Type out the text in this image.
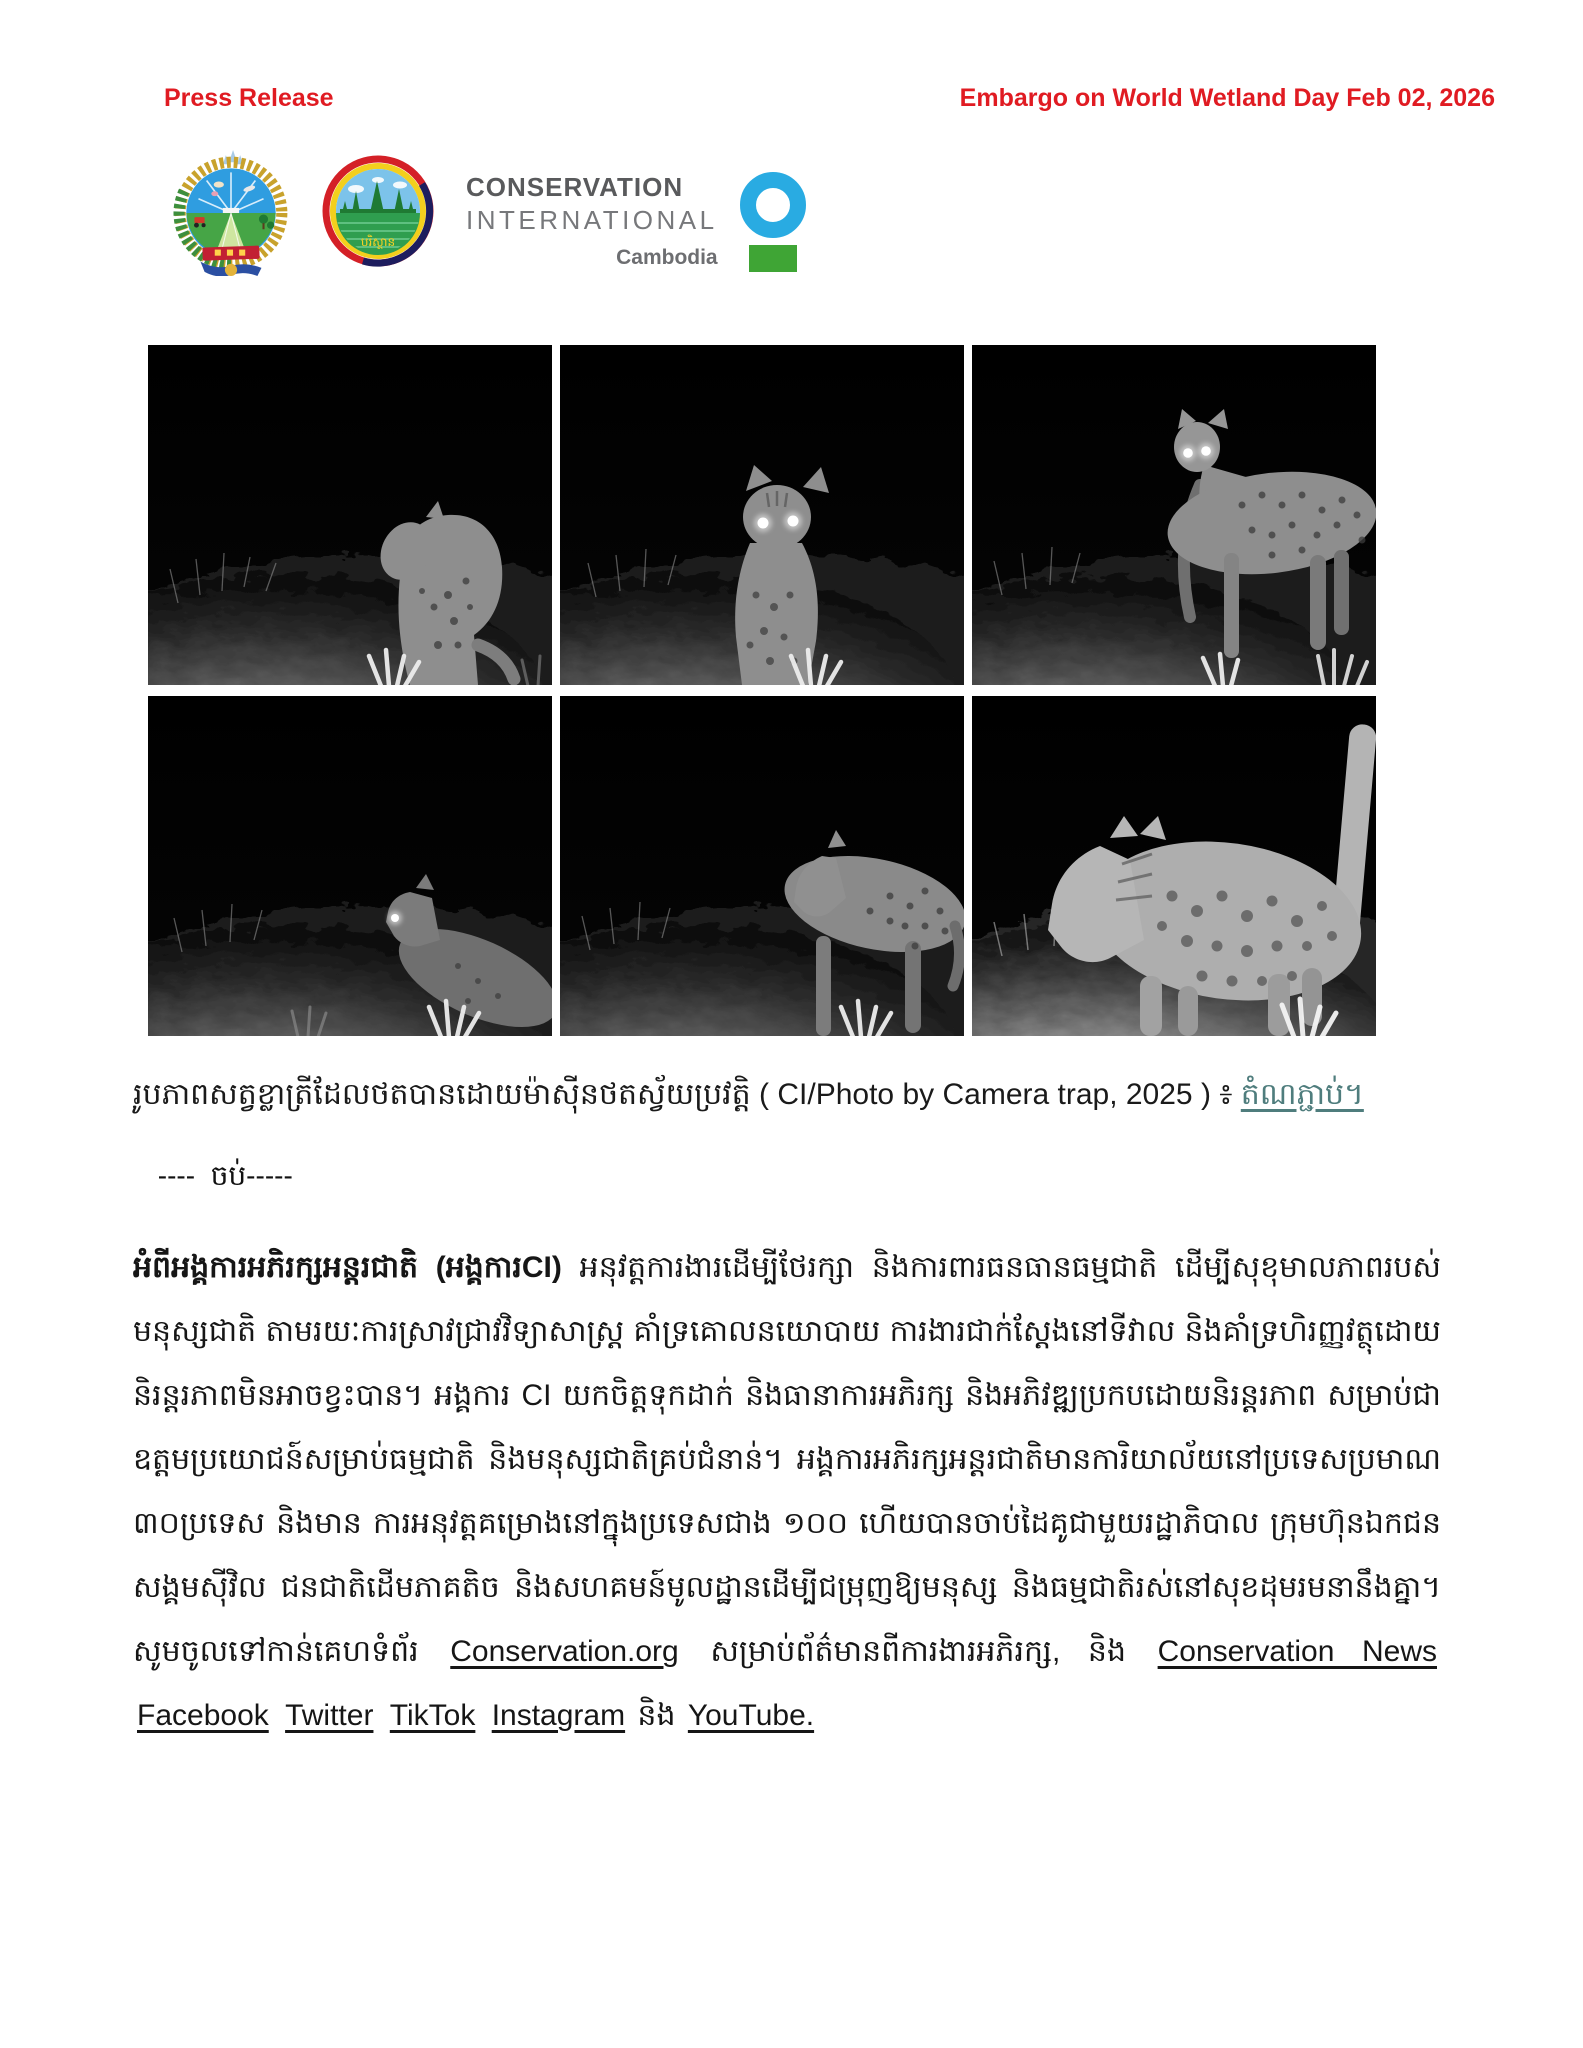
Press Release	Embargo on World Wetland Day Feb 02, 2026
បរិស្ថាន
CONSERVATION
INTERNATIONAL
Cambodia

រូបភាពសត្វខ្លាត្រីដែលថតបានដោយម៉ាស៊ីនថតស្វ័យប្រវត្តិ ( CI/Photo by Camera trap, 2025 ) ៖ តំណភ្ជាប់។

----  ចប់-----

អំពីអង្គការអភិរក្សអន្តរជាតិ (អង្គការCI) អនុវត្តការងារដើម្បីថែរក្សា និងការពារធនធានធម្មជាតិ ដើម្បីសុខុមាលភាពរបស់មនុស្សជាតិ តាមរយៈការស្រាវជ្រាវវិទ្យាសាស្ត្រ គាំទ្រគោលនយោបាយ ការងារជាក់ស្តែងនៅទីវាល និងគាំទ្រហិរញ្ញវត្ថុដោយនិរន្តរភាពមិនអាចខ្វះបាន។ អង្គការ CI យកចិត្តទុកដាក់ និងធានាការអភិរក្ស និងអភិវឌ្ឍប្រកបដោយនិរន្តរភាព សម្រាប់ជាឧត្តមប្រយោជន៍សម្រាប់ធម្មជាតិ និងមនុស្សជាតិគ្រប់ជំនាន់។ អង្គការអភិរក្សអន្តរជាតិមានការិយាល័យនៅប្រទេសប្រមាណ ៣០ប្រទេស និងមាន ការអនុវត្តគម្រោងនៅក្នុងប្រទេសជាង ១០០ ហើយបានចាប់ដៃគូជាមួយរដ្ឋាភិបាល ក្រុមហ៊ុនឯកជន សង្គមស៊ីវិល ជនជាតិដើមភាគតិច និងសហគមន៍មូលដ្ឋានដើម្បីជម្រុញឱ្យមនុស្ស និងធម្មជាតិរស់នៅសុខដុមរមនានឹងគ្នា។ សូមចូលទៅកាន់គេហទំព័រ Conservation.org សម្រាប់ព័ត៌មានពីការងារអភិរក្ស, និង Conservation News Facebook Twitter TikTok Instagram និង YouTube.
